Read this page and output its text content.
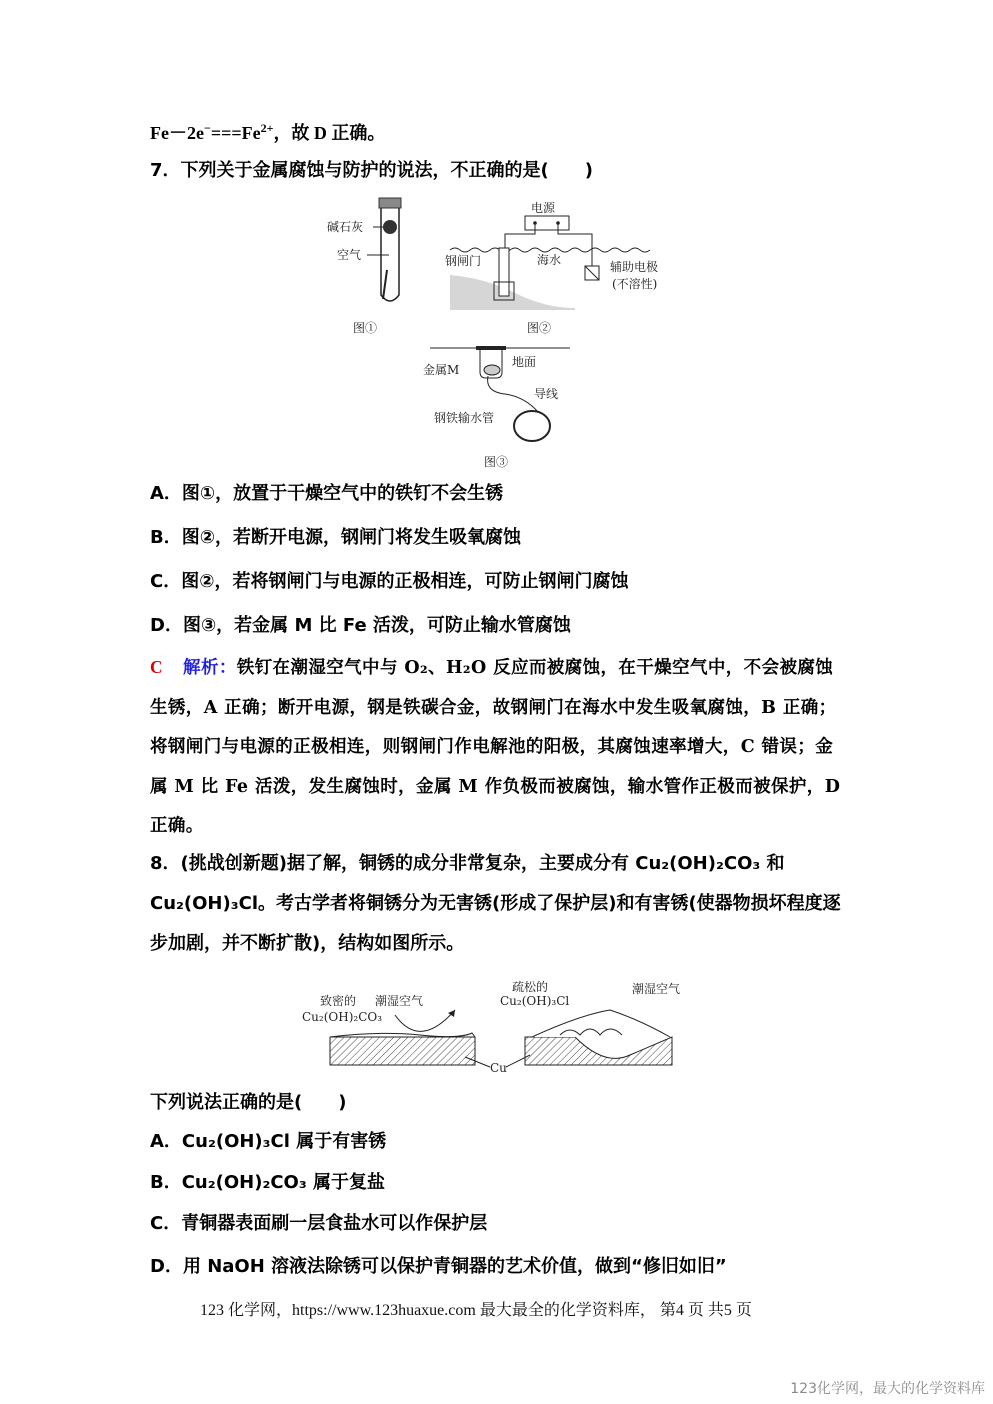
$Fe-2e^-===Fe^{2+}$，故 D 正确。
7．下列关于金属腐蚀与防护的说法，不正确的是(　　)
碱石灰
空气
图①
电源
钢闸门	海水	辅助电极
(不溶性)
图②
地面
金属M
导线
钢铁输水管
图③
A．图①，放置于干燥空气中的铁钉不会生锈
B．图②，若断开电源，钢闸门将发生吸氧腐蚀
C．图②，若将钢闸门与电源的正极相连，可防止钢闸门腐蚀
D．图③，若金属 M 比 Fe 活泼，可防止输水管腐蚀
C 解析：铁钉在潮湿空气中与 O₂、H₂O 反应而被腐蚀，在干燥空气中，不会被腐蚀生锈，A 正确；断开电源，钢是铁碳合金，故钢闸门在海水中发生吸氧腐蚀，B 正确；将钢闸门与电源的正极相连，则钢闸门作电解池的阳极，其腐蚀速率增大，C 错误；金属 M 比 Fe 活泼，发生腐蚀时，金属 M 作负极而被腐蚀，输水管作正极而被保护，D 正确。
8．(挑战创新题)据了解，铜锈的成分非常复杂，主要成分有 Cu₂(OH)₂CO₃ 和 Cu₂(OH)₃Cl。考古学者将铜锈分为无害锈(形成了保护层)和有害锈(使器物损坏程度逐步加剧，并不断扩散)，结构如图所示。
致密的 潮湿空气
Cu₂(OH)₂CO₃
疏松的
Cu₂(OH)₃Cl
潮湿空气
Cu
下列说法正确的是(　　)
A．Cu₂(OH)₃Cl 属于有害锈
B．Cu₂(OH)₂CO₃ 属于复盐
C．青铜器表面刷一层食盐水可以作保护层
D．用 NaOH 溶液法除锈可以保护青铜器的艺术价值，做到“修旧如旧”
123 化学网，https://www.123huaxue.com 最大最全的化学资料库， 第4 页 共5 页
123化学网，最大的化学资料库
